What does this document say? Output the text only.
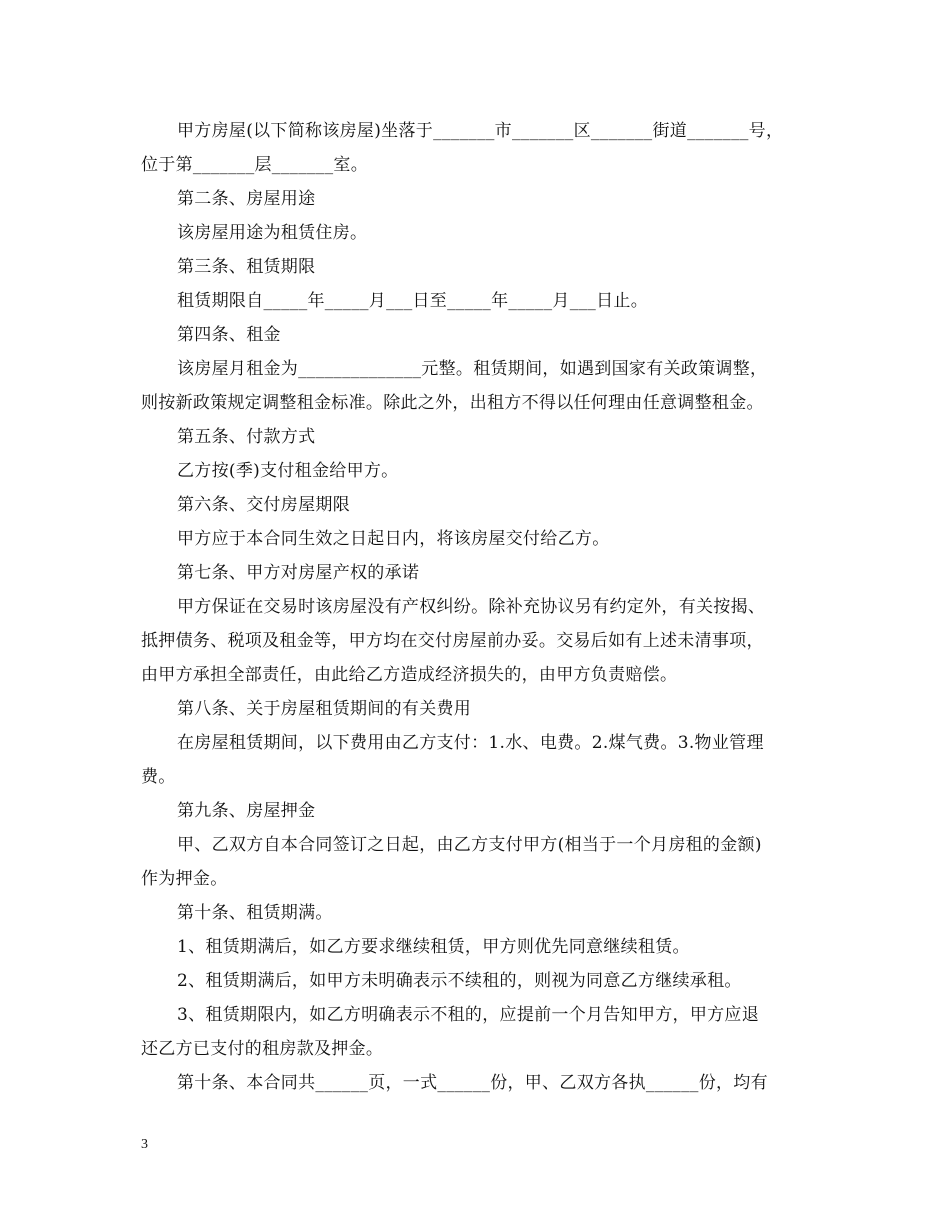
甲方房屋(以下简称该房屋)坐落于_______市_______区_______街道_______号，
位于第_______层_______室。
第二条、房屋用途
该房屋用途为租赁住房。
第三条、租赁期限
租赁期限自_____年_____月___日至_____年_____月___日止。
第四条、租金
该房屋月租金为______________元整。租赁期间，如遇到国家有关政策调整，
则按新政策规定调整租金标准。除此之外，出租方不得以任何理由任意调整租金。
第五条、付款方式
乙方按(季)支付租金给甲方。
第六条、交付房屋期限
甲方应于本合同生效之日起日内，将该房屋交付给乙方。
第七条、甲方对房屋产权的承诺
甲方保证在交易时该房屋没有产权纠纷。除补充协议另有约定外，有关按揭、
抵押债务、税项及租金等，甲方均在交付房屋前办妥。交易后如有上述未清事项，
由甲方承担全部责任，由此给乙方造成经济损失的，由甲方负责赔偿。
第八条、关于房屋租赁期间的有关费用
在房屋租赁期间，以下费用由乙方支付：1.水、电费。2.煤气费。3.物业管理
费。
第九条、房屋押金
甲、乙双方自本合同签订之日起，由乙方支付甲方(相当于一个月房租的金额)
作为押金。
第十条、租赁期满。
1、租赁期满后，如乙方要求继续租赁，甲方则优先同意继续租赁。
2、租赁期满后，如甲方未明确表示不续租的，则视为同意乙方继续承租。
3、租赁期限内，如乙方明确表示不租的，应提前一个月告知甲方，甲方应退
还乙方已支付的租房款及押金。
第十条、本合同共______页，一式______份，甲、乙双方各执______份，均有
3
